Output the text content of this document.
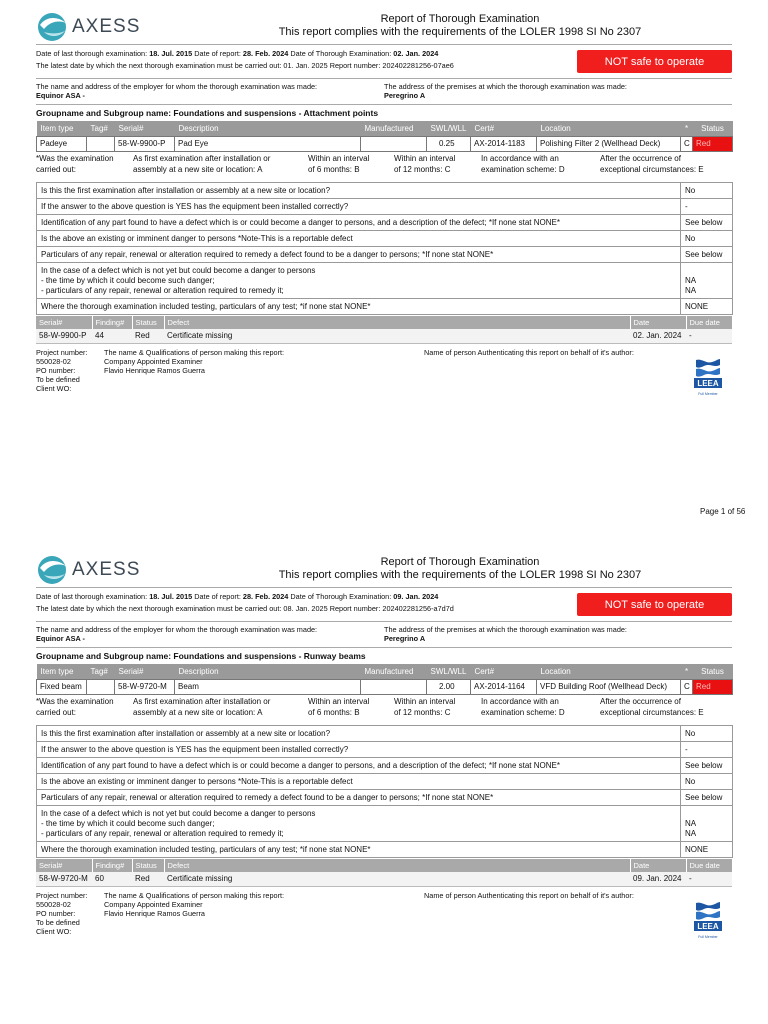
AXESS	Report of Thorough Examination
This report complies with the requirements of the LOLER 1998 SI No 2307
Date of last thorough examination: 18. Jul. 2015 Date of report: 28. Feb. 2024 Date of Thorough Examination: 02. Jan. 2024
The latest date by which the next thorough examination must be carried out: 01. Jan. 2025 Report number: 202402281256-07ae6	NOT safe to operate
The name and address of the employer for whom the thorough examination was made:
Equinor ASA -
The address of the premises at which the thorough examination was made:
Peregrino A
Groupname and Subgroup name: Foundations and suspensions - Attachment points
Item type	Tag#	Serial#	Description	Manufactured	SWL/WLL	Cert#	Location	*	Status
Padeye		58-W-9900-P	Pad Eye		0.25	AX-2014-1183	Polishing Filter 2 (Wellhead Deck)	C	Red
*Was the examination
carried out:
As first examination after installation or
assembly at a new site or location: A
Within an interval
of 6 months: B
Within an interval
of 12 months: C
In accordance with an
examination scheme: D
After the occurrence of
exceptional circumstances: E
Is this the first examination after installation or assembly at a new site or location?	No
If the answer to the above question is YES has the equipment been installed correctly?	-
Identification of any part found to have a defect which is or could become a danger to persons, and a description of the defect; *If none stat NONE*	See below
Is the above an existing or imminent danger to persons *Note-This is a reportable defect	No
Particulars of any repair, renewal or alteration required to remedy a defect found to be a danger to persons; *If none stat NONE*	See below
In the case of a defect which is not yet but could become a danger to persons
- the time by which it could become such danger;
- particulars of any repair, renewal or alteration required to remedy it;	
NA
NA
Where the thorough examination included testing, particulars of any test; *if none stat NONE*	NONE
Serial#	Finding#	Status	Defect	Date	Due date
58-W-9900-P	44	Red	Certificate missing	02. Jan. 2024	-
Project number:
550028-02
PO number:
To be defined
Client WO:
The name & Qualifications of person making this report:
Company Appointed Examiner
Flavio Henrique Ramos Guerra
Name of person Authenticating this report on behalf of it's author:
LEEA
Full Member
Page 1 of 56
AXESS	Report of Thorough Examination
This report complies with the requirements of the LOLER 1998 SI No 2307
Date of last thorough examination: 18. Jul. 2015 Date of report: 28. Feb. 2024 Date of Thorough Examination: 09. Jan. 2024
The latest date by which the next thorough examination must be carried out: 08. Jan. 2025 Report number: 202402281256-a7d7d	NOT safe to operate
The name and address of the employer for whom the thorough examination was made:
Equinor ASA -
The address of the premises at which the thorough examination was made:
Peregrino A
Groupname and Subgroup name: Foundations and suspensions - Runway beams
Item type	Tag#	Serial#	Description	Manufactured	SWL/WLL	Cert#	Location	*	Status
Fixed beam		58-W-9720-M	Beam		2.00	AX-2014-1164	VFD Building Roof (Wellhead Deck)	C	Red
*Was the examination
carried out:
As first examination after installation or
assembly at a new site or location: A
Within an interval
of 6 months: B
Within an interval
of 12 months: C
In accordance with an
examination scheme: D
After the occurrence of
exceptional circumstances: E
Is this the first examination after installation or assembly at a new site or location?	No
If the answer to the above question is YES has the equipment been installed correctly?	-
Identification of any part found to have a defect which is or could become a danger to persons, and a description of the defect; *If none stat NONE*	See below
Is the above an existing or imminent danger to persons *Note-This is a reportable defect	No
Particulars of any repair, renewal or alteration required to remedy a defect found to be a danger to persons; *If none stat NONE*	See below
In the case of a defect which is not yet but could become a danger to persons
- the time by which it could become such danger;
- particulars of any repair, renewal or alteration required to remedy it;	
NA
NA
Where the thorough examination included testing, particulars of any test; *if none stat NONE*	NONE
Serial#	Finding#	Status	Defect	Date	Due date
58-W-9720-M	60	Red	Certificate missing	09. Jan. 2024	-
Project number:
550028-02
PO number:
To be defined
Client WO:
The name & Qualifications of person making this report:
Company Appointed Examiner
Flavio Henrique Ramos Guerra
Name of person Authenticating this report on behalf of it's author:
LEEA
Full Member
